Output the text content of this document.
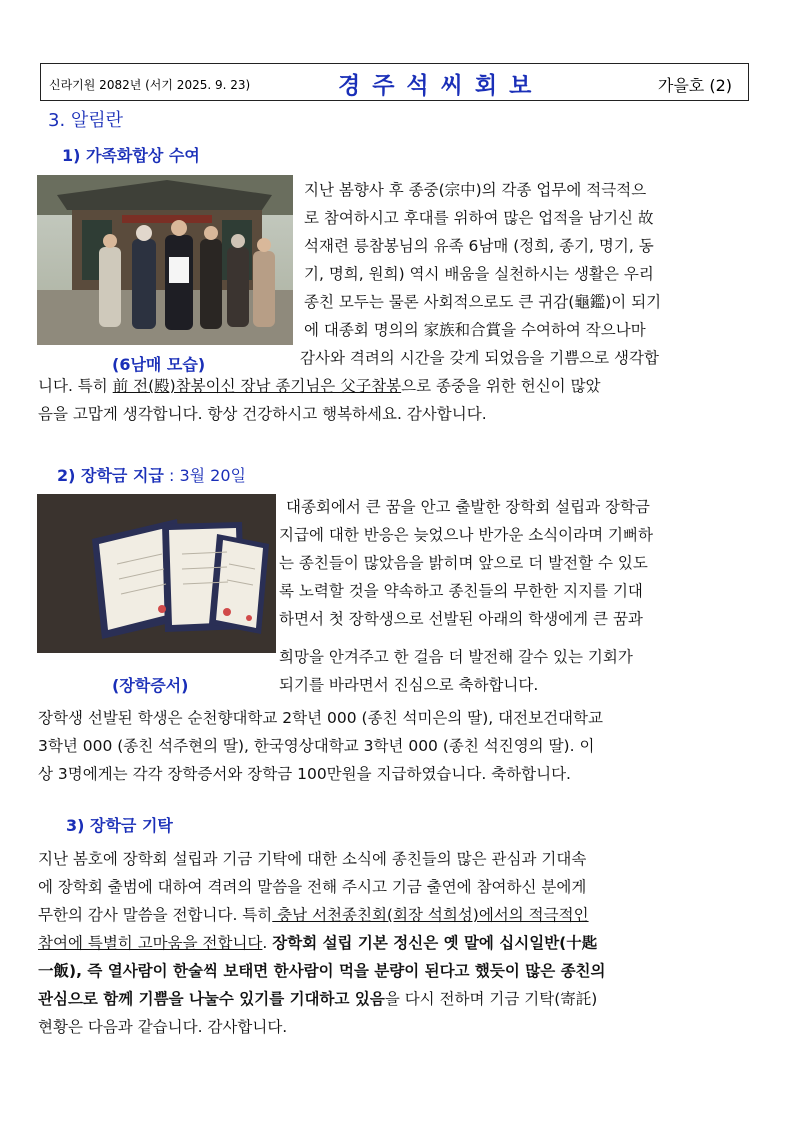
신라기원 2082년 (서기 2025. 9. 23)	경주석씨회보	가을호 (2)
3. 알림란
1) 가족화합상 수여
(6남매 모습)
지난 봄향사 후 종중(宗中)의 각종 업무에 적극적으
로 참여하시고 후대를 위하여 많은 업적을 남기신 故
석재련 릉참봉님의 유족 6남매 (정희, 종기, 명기, 동
기, 명희, 원희) 역시 배움을 실천하시는 생활은 우리
종친 모두는 물론 사회적으로도 큰 귀감(龜鑑)이 되기
에 대종회 명의의 家族和合賞을 수여하여 작으나마
감사와 격려의 시간을 갖게 되었음을 기쁨으로 생각합
니다. 특히 前 전(殿)참봉이신 장남 종기님은 父子참봉으로 종중을 위한 헌신이 많았
음을 고맙게 생각합니다. 항상 건강하시고 행복하세요. 감사합니다.
2) 장학금 지급 : 3월 20일
(장학증서)
대종회에서 큰 꿈을 안고 출발한 장학회 설립과 장학금
지급에 대한 반응은 늦었으나 반가운 소식이라며 기뻐하
는 종친들이 많았음을 밝히며 앞으로 더 발전할 수 있도
록 노력할 것을 약속하고 종친들의 무한한 지지를 기대
하면서 첫 장학생으로 선발된 아래의 학생에게 큰 꿈과
희망을 안겨주고 한 걸음 더 발전해 갈수 있는 기회가
되기를 바라면서 진심으로 축하합니다.
장학생 선발된 학생은 순천향대학교 2학년 000 (종친 석미은의 딸), 대전보건대학교
3학년 000 (종친 석주현의 딸), 한국영상대학교 3학년 000 (종친 석진영의 딸). 이
상 3명에게는 각각 장학증서와 장학금 100만원을 지급하였습니다. 축하합니다.
3) 장학금 기탁
지난 봄호에 장학회 설립과 기금 기탁에 대한 소식에 종친들의 많은 관심과 기대속
에 장학회 출범에 대하여 격려의 말씀을 전해 주시고 기금 출연에 참여하신 분에게
무한의 감사 말씀을 전합니다. 특히 충남 서천종친회(회장 석희성)에서의 적극적인
참여에 특별히 고마움을 전합니다. 장학회 설립 기본 정신은 옛 말에 십시일반(十匙
一飯), 즉 열사람이 한술씩 보태면 한사람이 먹을 분량이 된다고 했듯이 많은 종친의
관심으로 함께 기쁨을 나눌수 있기를 기대하고 있음을 다시 전하며 기금 기탁(寄託)
현황은 다음과 같습니다. 감사합니다.
